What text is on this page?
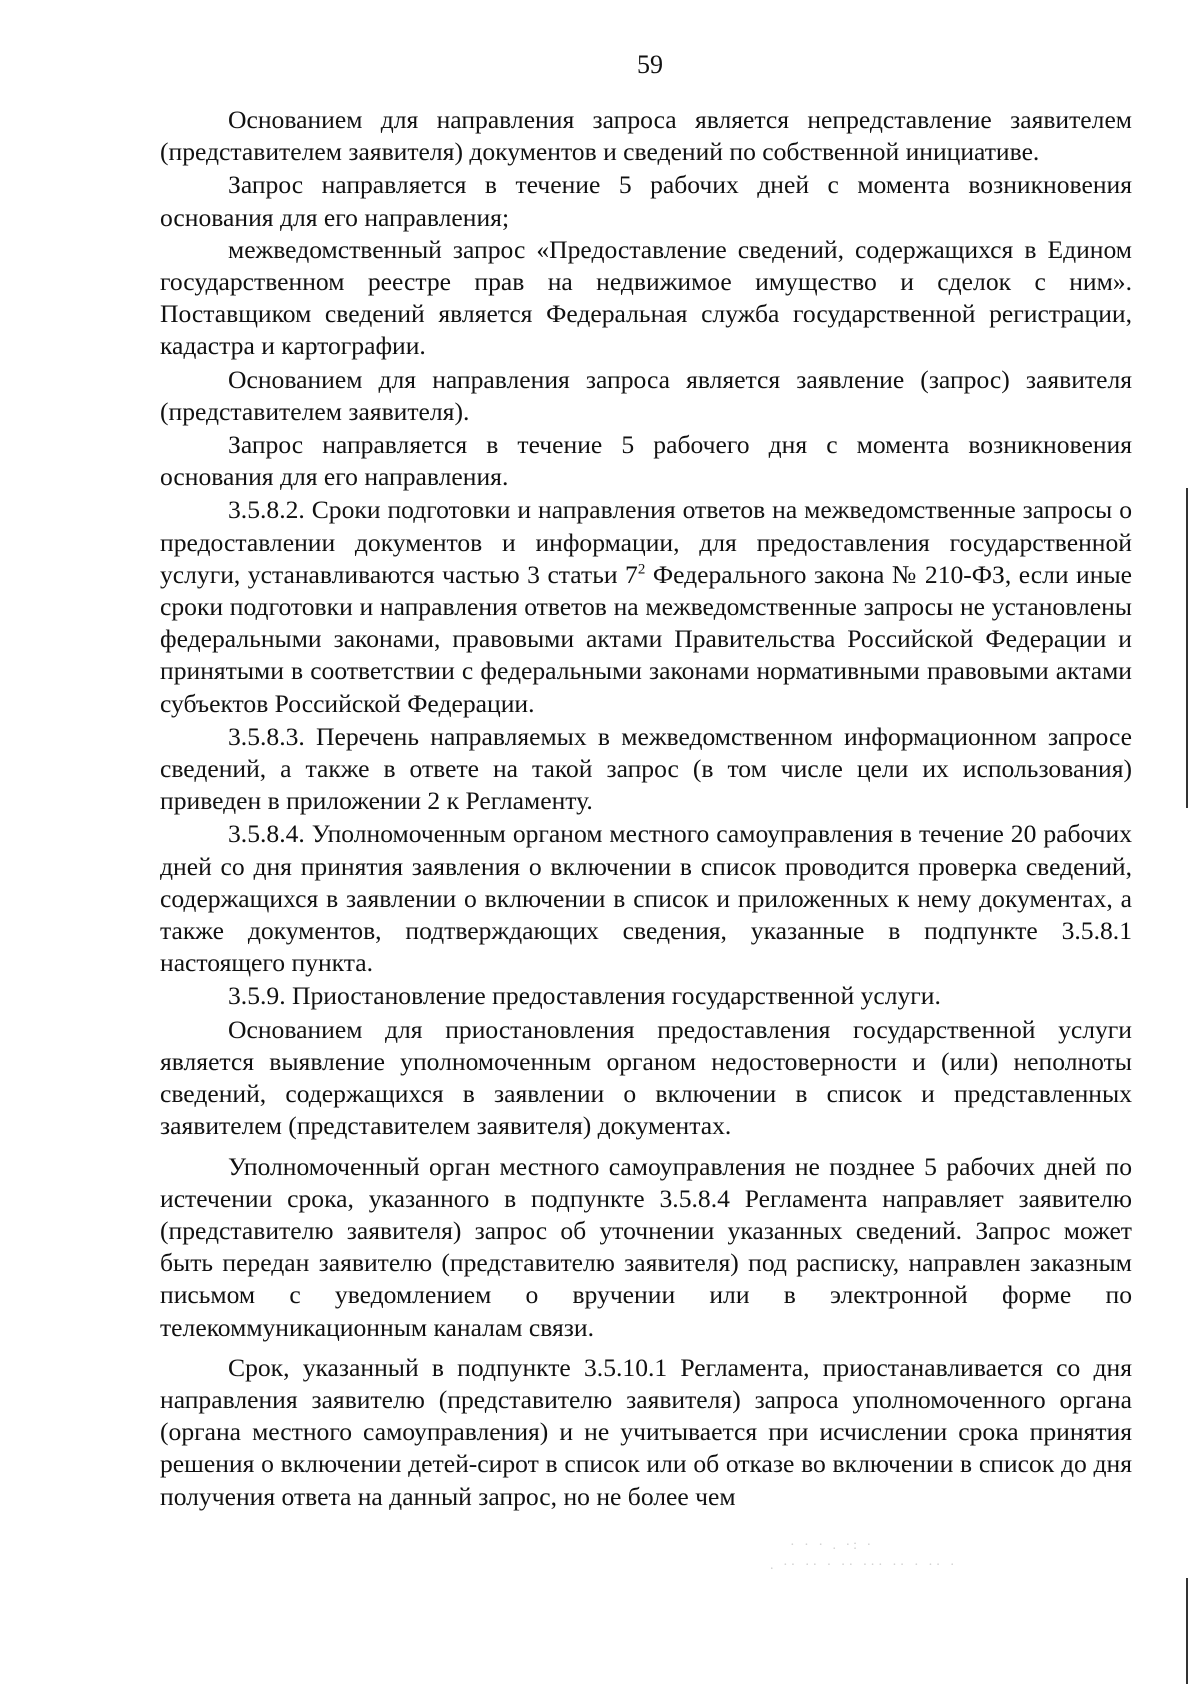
59

Основанием для направления запроса является непредставление заявителем (представителем заявителя) документов и сведений по собственной инициативе.

Запрос направляется в течение 5 рабочих дней с момента возникновения основания для его направления;

межведомственный запрос «Предоставление сведений, содержащихся в Едином государственном реестре прав на недвижимое имущество и сделок с ним». Поставщиком сведений является Федеральная служба государственной регистрации, кадастра и картографии.

Основанием для направления запроса является заявление (запрос) заявителя (представителем заявителя).

Запрос направляется в течение 5 рабочего дня с момента возникновения основания для его направления.

3.5.8.2. Сроки подготовки и направления ответов на межведомственные запросы о предоставлении документов и информации, для предоставления государственной услуги, устанавливаются частью 3 статьи $7^2$ Федерального закона № 210-ФЗ, если иные сроки подготовки и направления ответов на межведомственные запросы не установлены федеральными законами, правовыми актами Правительства Российской Федерации и принятыми в соответствии с федеральными законами нормативными правовыми актами субъектов Российской Федерации.

3.5.8.3. Перечень направляемых в межведомственном информационном запросе сведений, а также в ответе на такой запрос (в том числе цели их использования) приведен в приложении 2 к Регламенту.

3.5.8.4. Уполномоченным органом местного самоуправления в течение 20 рабочих дней со дня принятия заявления о включении в список проводится проверка сведений, содержащихся в заявлении о включении в список и приложенных к нему документах, а также документов, подтверждающих сведения, указанные в подпункте 3.5.8.1 настоящего пункта.

3.5.9. Приостановление предоставления государственной услуги.

Основанием для приостановления предоставления государственной услуги является выявление уполномоченным органом недостоверности и (или) неполноты сведений, содержащихся в заявлении о включении в список и представленных заявителем (представителем заявителя) документах.

Уполномоченный орган местного самоуправления не позднее 5 рабочих дней по истечении срока, указанного в подпункте 3.5.8.4 Регламента направляет заявителю (представителю заявителя) запрос об уточнении указанных сведений. Запрос может быть передан заявителю (представителю заявителя) под расписку, направлен заказным письмом с уведомлением о вручении или в электронной форме по телекоммуникационным каналам связи.

Срок, указанный в подпункте 3.5.10.1 Регламента, приостанавливается со дня направления заявителю (представителю заявителя) запроса уполномоченного органа (органа местного самоуправления) и не учитывается при исчислении срока принятия решения о включении детей-сирот в список или об отказе во включении в список до дня получения ответа на данный запрос, но не более чем

· · · . ·: ·
. ·· ·· · ·· ··· ·· · ·· ·
